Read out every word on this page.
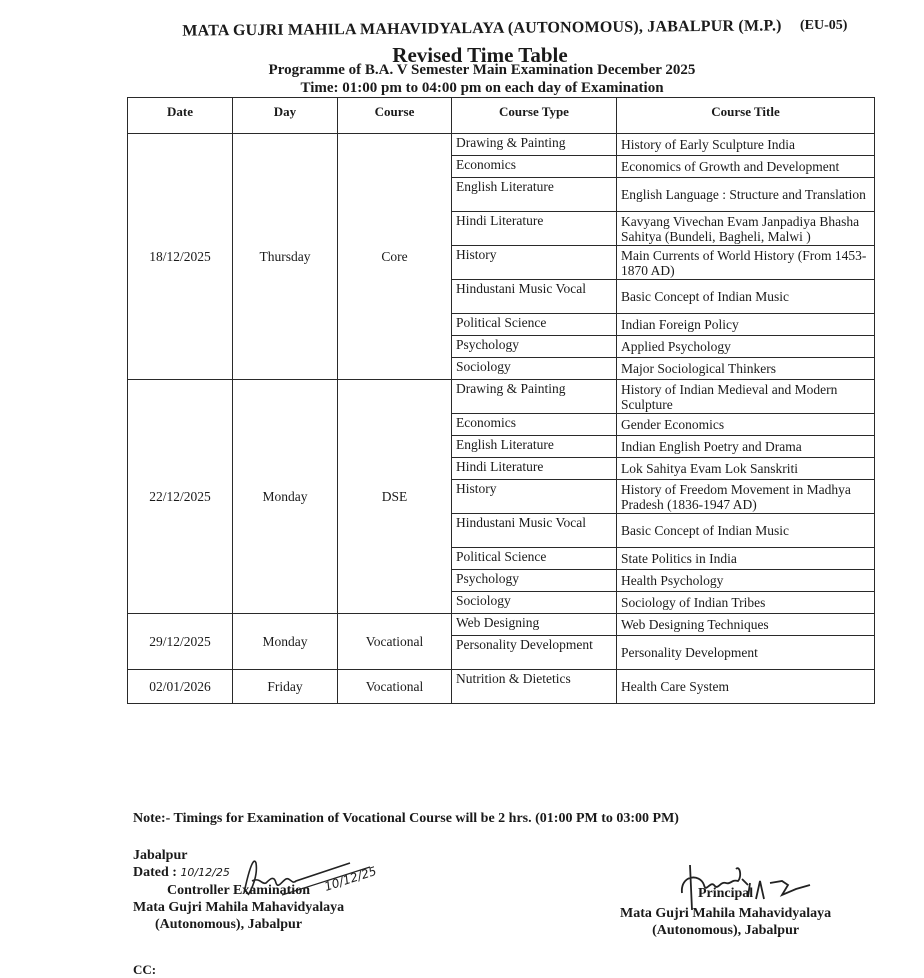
(EU-05)
MATA GUJRI MAHILA MAHAVIDYALAYA (AUTONOMOUS), JABALPUR (M.P.)
Revised Time Table
Programme of B.A. V Semester Main Examination December 2025
Time: 01:00 pm to 04:00 pm on each day of Examination
Date	Day	Course	Course Type	Course Title
18/12/2025	Thursday	Core	Drawing & Painting	History of Early Sculpture India
			Economics	Economics of Growth and Development
			English Literature	English Language : Structure and Translation
			Hindi Literature	Kavyang Vivechan Evam Janpadiya Bhasha Sahitya (Bundeli, Bagheli, Malwi )
			History	Main Currents of World History (From 1453-1870 AD)
			Hindustani Music Vocal	Basic Concept of Indian Music
			Political Science	Indian Foreign Policy
			Psychology	Applied Psychology
			Sociology	Major Sociological Thinkers
22/12/2025	Monday	DSE	Drawing & Painting	History of Indian Medieval and Modern Sculpture
			Economics	Gender Economics
			English Literature	Indian English Poetry and Drama
			Hindi Literature	Lok Sahitya Evam Lok Sanskriti
			History	History of Freedom Movement in Madhya Pradesh (1836-1947 AD)
			Hindustani Music Vocal	Basic Concept of Indian Music
			Political Science	State Politics in India
			Psychology	Health Psychology
			Sociology	Sociology of Indian Tribes
29/12/2025	Monday	Vocational	Web Designing	Web Designing Techniques
			Personality Development	Personality Development
02/01/2026	Friday	Vocational	Nutrition & Dietetics	Health Care System
Note:- Timings for Examination of Vocational Course will be 2 hrs. (01:00 PM to 03:00 PM)
Jabalpur
Dated : 10/12/25
Controller Examination
Mata Gujri Mahila Mahavidyalaya
(Autonomous), Jabalpur
10/12/25	Principal
Mata Gujri Mahila Mahavidyalaya
(Autonomous), Jabalpur
CC:
